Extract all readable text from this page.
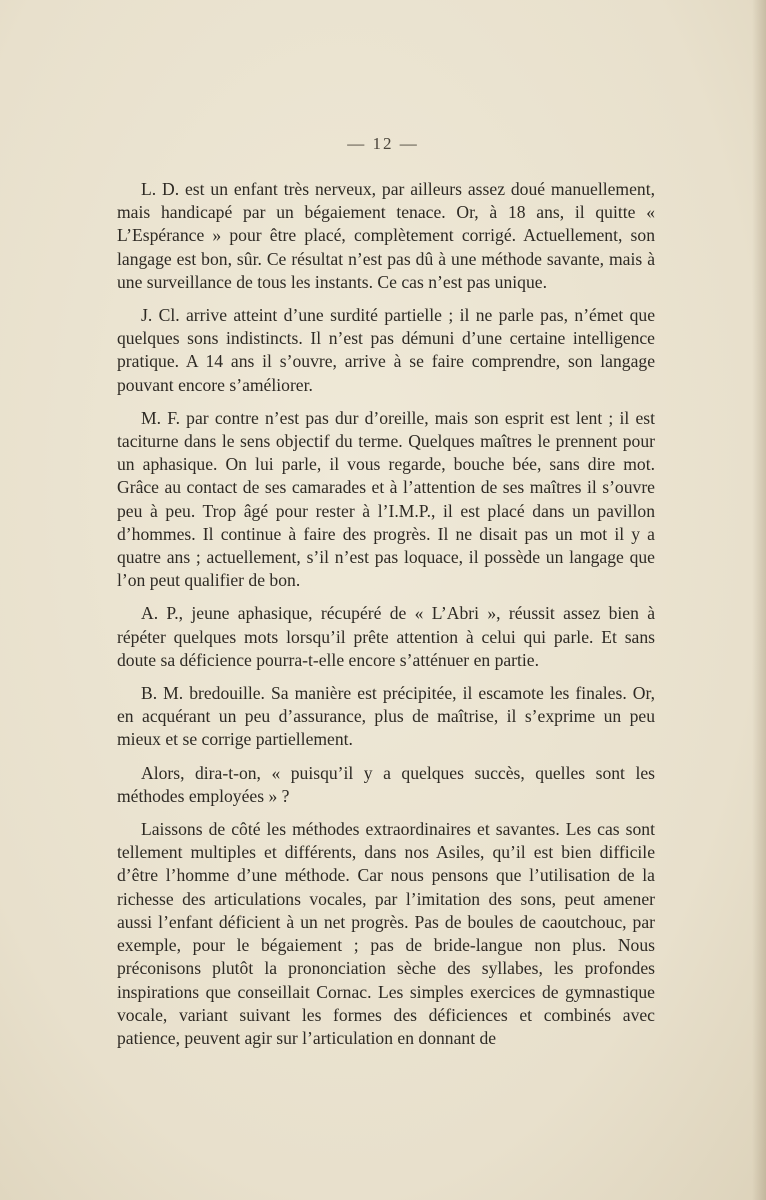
— 12 —

L. D. est un enfant très nerveux, par ailleurs assez doué manuellement, mais handicapé par un bégaiement tenace. Or, à 18 ans, il quitte « L’Espérance » pour être placé, complètement corrigé. Actuellement, son langage est bon, sûr. Ce résultat n’est pas dû à une méthode savante, mais à une surveillance de tous les instants. Ce cas n’est pas unique.

J. Cl. arrive atteint d’une surdité partielle ; il ne parle pas, n’émet que quelques sons indistincts. Il n’est pas démuni d’une certaine intelligence pratique. A 14 ans il s’ouvre, arrive à se faire comprendre, son langage pouvant encore s’améliorer.

M. F. par contre n’est pas dur d’oreille, mais son esprit est lent ; il est taciturne dans le sens objectif du terme. Quelques maîtres le prennent pour un aphasique. On lui parle, il vous regarde, bouche bée, sans dire mot. Grâce au contact de ses camarades et à l’attention de ses maîtres il s’ouvre peu à peu. Trop âgé pour rester à l’I.M.P., il est placé dans un pavillon d’hommes. Il continue à faire des progrès. Il ne disait pas un mot il y a quatre ans ; actuellement, s’il n’est pas loquace, il possède un langage que l’on peut qualifier de bon.

A. P., jeune aphasique, récupéré de « L’Abri », réussit assez bien à répéter quelques mots lorsqu’il prête attention à celui qui parle. Et sans doute sa déficience pourra-t-elle encore s’atténuer en partie.

B. M. bredouille. Sa manière est précipitée, il escamote les finales. Or, en acquérant un peu d’assurance, plus de maîtrise, il s’exprime un peu mieux et se corrige partiellement.

Alors, dira-t-on, « puisqu’il y a quelques succès, quelles sont les méthodes employées » ?

Laissons de côté les méthodes extraordinaires et savantes. Les cas sont tellement multiples et différents, dans nos Asiles, qu’il est bien difficile d’être l’homme d’une méthode. Car nous pensons que l’utilisation de la richesse des articulations vocales, par l’imitation des sons, peut amener aussi l’enfant déficient à un net progrès. Pas de boules de caoutchouc, par exemple, pour le bégaiement ; pas de bride-langue non plus. Nous préconisons plutôt la prononciation sèche des syllabes, les profondes inspirations que conseillait Cornac. Les simples exercices de gymnastique vocale, variant suivant les formes des déficiences et combinés avec patience, peuvent agir sur l’articulation en donnant de
